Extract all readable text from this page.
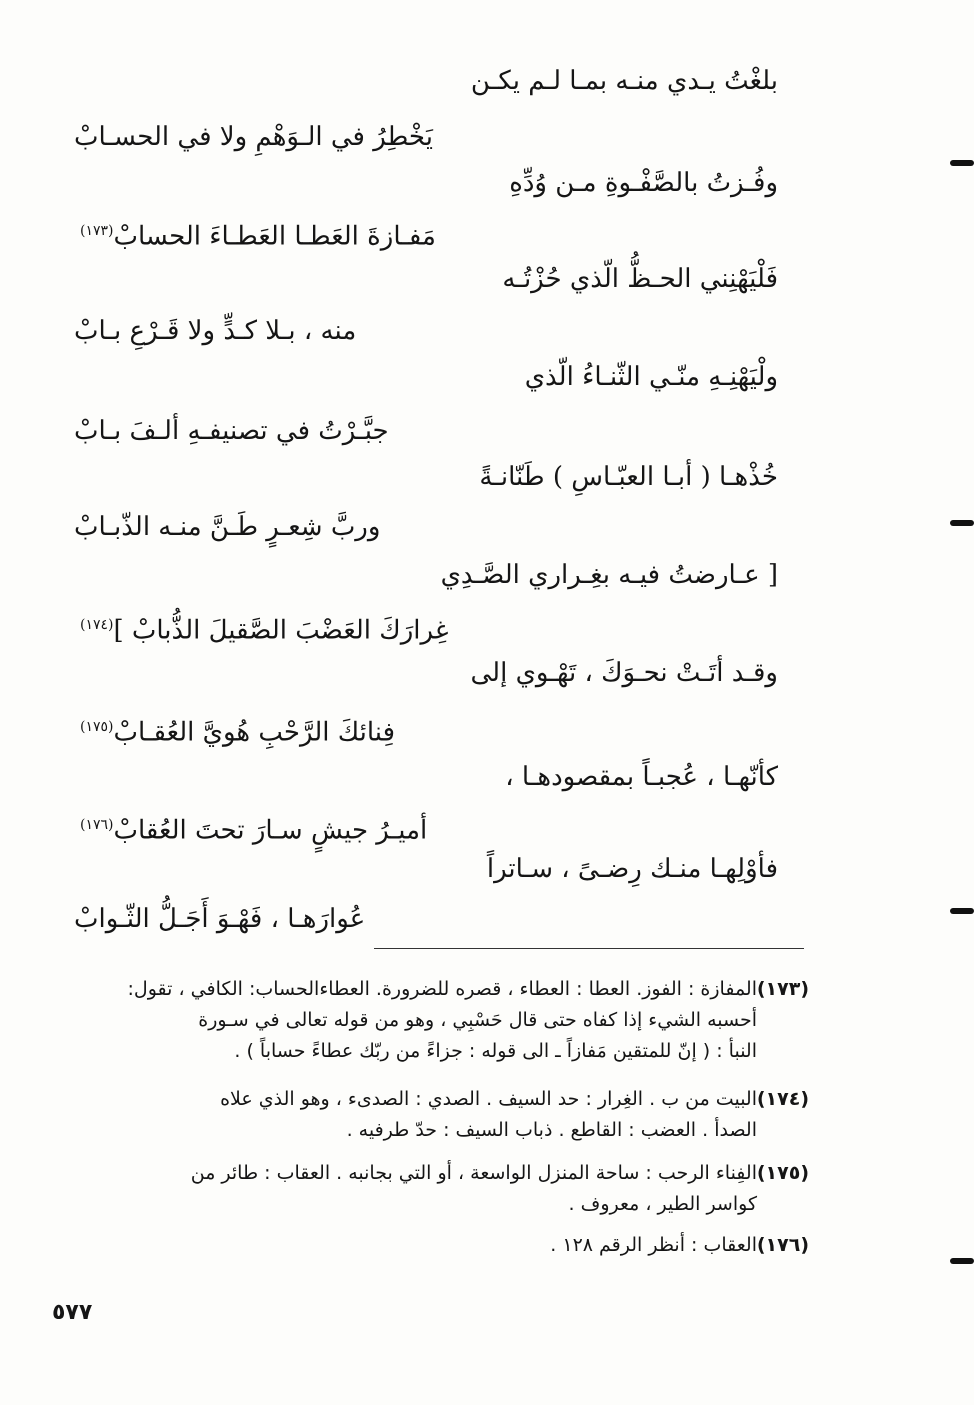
بلغْتُ يـدي منـه بمـا لـم يكـن
يَخْطِرُ في الـوَهْمِ ولا في الحسـابْ
وفُـزتُ بالصَّفْـوةِ مـن وُدِّهِ
مَفـازةَ العَطـا العَطـاءَ الحسابْ$^{(١٧٣)}$
فَلْيَهْنِني الحـظُّ الّذي حُزْتُـه
منه ، بـلا كـدٍّ ولا قَـرْعِ بـابْ
ولْيَهْنِـهِ منّـي الثّنـاءُ الّذي
جبَّـرْتُ في تصنيفـهِ ألـفَ بـابْ
خُذْهـا ( أبـا العبّـاسِ ) طَنّانـةً
وربَّ شِعـرٍ طَـنَّ منـه الذّبـابْ
[ عـارضتُ فيـه بغِـراري الصَّـدِي
غِرارَكَ العَضْبَ الصَّقيلَ الذُّبابْ ]$^{(١٧٤)}$
وقـد أتَـتْ نحـوَكَ ، تَهْـوي إلى
فِنائكَ الرَّحْبِ هُويَّ العُقـابْ$^{(١٧٥)}$
كأنّهـا ، عُجبـاً بمقصودهـا ،
أميـرُ جيشٍ سـارَ تحتَ العُقابْ$^{(١٧٦)}$
فأوْلِهـا منـك رِضـىً ، سـاتراً
عُوارَهـا ، فَهْـوَ أَجَـلُّ الثّـوابْ
(١٧٣)المفازة : الفوز. العطا : العطاء ، قصره للضرورة. العطاءالحساب: الكافي ، تقول:
أحسبه الشيء إذا كفاه حتى قال حَسْبِي ، وهو من قوله تعالى في سـورة
النبأ : ( إنّ للمتقين مَفازاً ـ الى قوله : جزاءً من ربّك عطاءً حساباً ) .
(١٧٤)البيت من ب . الغِرار : حد السيف . الصدي : الصدىء ، وهو الذي علاه
الصدأ . العضب : القاطع . ذباب السيف : حدّ طرفيه .
(١٧٥)الفِناء الرحب : ساحة المنزل الواسعة ، أو التي بجانبه . العقاب : طائر من
كواسر الطير ، معروف .
(١٧٦)العقاب : أنظر الرقم ١٢٨ .
٥٧٧
